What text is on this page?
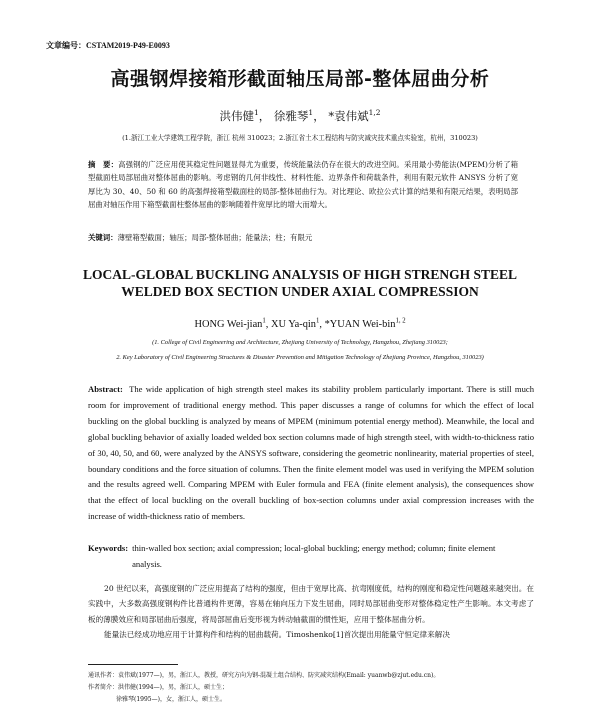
文章编号：CSTAM2019-P49-E0093
高强钢焊接箱形截面轴压局部-整体屈曲分析
洪伟健$^1$， 徐雅琴$^1$， *袁伟斌$^{1,2}$
(1.浙江工业大学建筑工程学院，浙江 杭州 310023；2.浙江省土木工程结构与防灾减灾技术重点实验室，杭州，310023)
摘　要：高强钢的广泛应用使其稳定性问题显得尤为重要，传统能量法仍存在很大的改进空间。采用最小势能法(MPEM)分析了箱型截面柱局部屈曲对整体屈曲的影响。考虑钢的几何非线性、材料性能、边界条件和荷载条件，利用有限元软件 ANSYS 分析了宽厚比为 30、40、50 和 60 的高强焊接箱型截面柱的局部-整体屈曲行为。对比理论、欧拉公式计算的结果和有限元结果，表明局部屈曲对轴压作用下箱型截面柱整体屈曲的影响随着件宽厚比的增大而增大。
关键词：薄壁箱型截面；轴压；局部-整体屈曲；能量法；柱；有限元
LOCAL-GLOBAL BUCKLING ANALYSIS OF HIGH STRENGH STEEL
WELDED BOX SECTION UNDER AXIAL COMPRESSION
HONG Wei-jian$^1$, XU Ya-qin$^1$, *YUAN Wei-bin$^{1, 2}$
(1. College of Civil Engineering and Architecture, Zhejiang University of Technology, Hangzhou, Zhejiang 310023;
2. Key Laboratory of Civil Engineering Structures & Disaster Prevention and Mitigation Technology of Zhejiang Province, Hangzhou, 310023)
Abstract: The wide application of high strength steel makes its stability problem particularly important. There is still much room for improvement of traditional energy method. This paper discusses a range of columns for which the effect of local buckling on the global buckling is analyzed by means of MPEM (minimum potential energy method). Meanwhile, the local and global buckling behavior of axially loaded welded box section columns made of high strength steel, with width-to-thickness ratio of 30, 40, 50, and 60, were analyzed by the ANSYS software, considering the geometric nonlinearity, material properties of steel, boundary conditions and the force situation of columns. Then the finite element model was used in verifying the MPEM solution and the results agreed well. Comparing MPEM with Euler formula and FEA (finite element analysis), the consequences show that the effect of local buckling on the overall buckling of box-section columns under axial compression increases with the increase of width-thickness ratio of members.
Keywords: thin-walled box section; axial compression; local-global buckling; energy method; column; finite element analysis.

20 世纪以来，高强度钢的广泛应用提高了结构的强度，但由于宽厚比高、抗弯刚度低，结构的刚度和稳定性问题越来越突出。在实践中，大多数高强度钢构件比普通构件更薄，容易在轴向压力下发生屈曲，同时局部屈曲变形对整体稳定性产生影响。本文考虑了板的薄膜效应和局部屈曲后强度，将局部屈曲后变形视为转动轴截面的惯性矩，应用于整体屈曲分析。

能量法已经成功地应用于计算构件和结构的屈曲载荷。Timoshenko[1]首次提出用能量守恒定律来解决

通讯作者：袁伟斌(1977—)，男，浙江人，教授，研究方向为钢-混凝土组合结构、防灾减灾结构(Email: yuanwb@zjut.edu.cn)。
作者简介：洪伟健(1994—)，男，浙江人，硕士生；
徐雅琴(1995—)，女，浙江人，硕士生。
